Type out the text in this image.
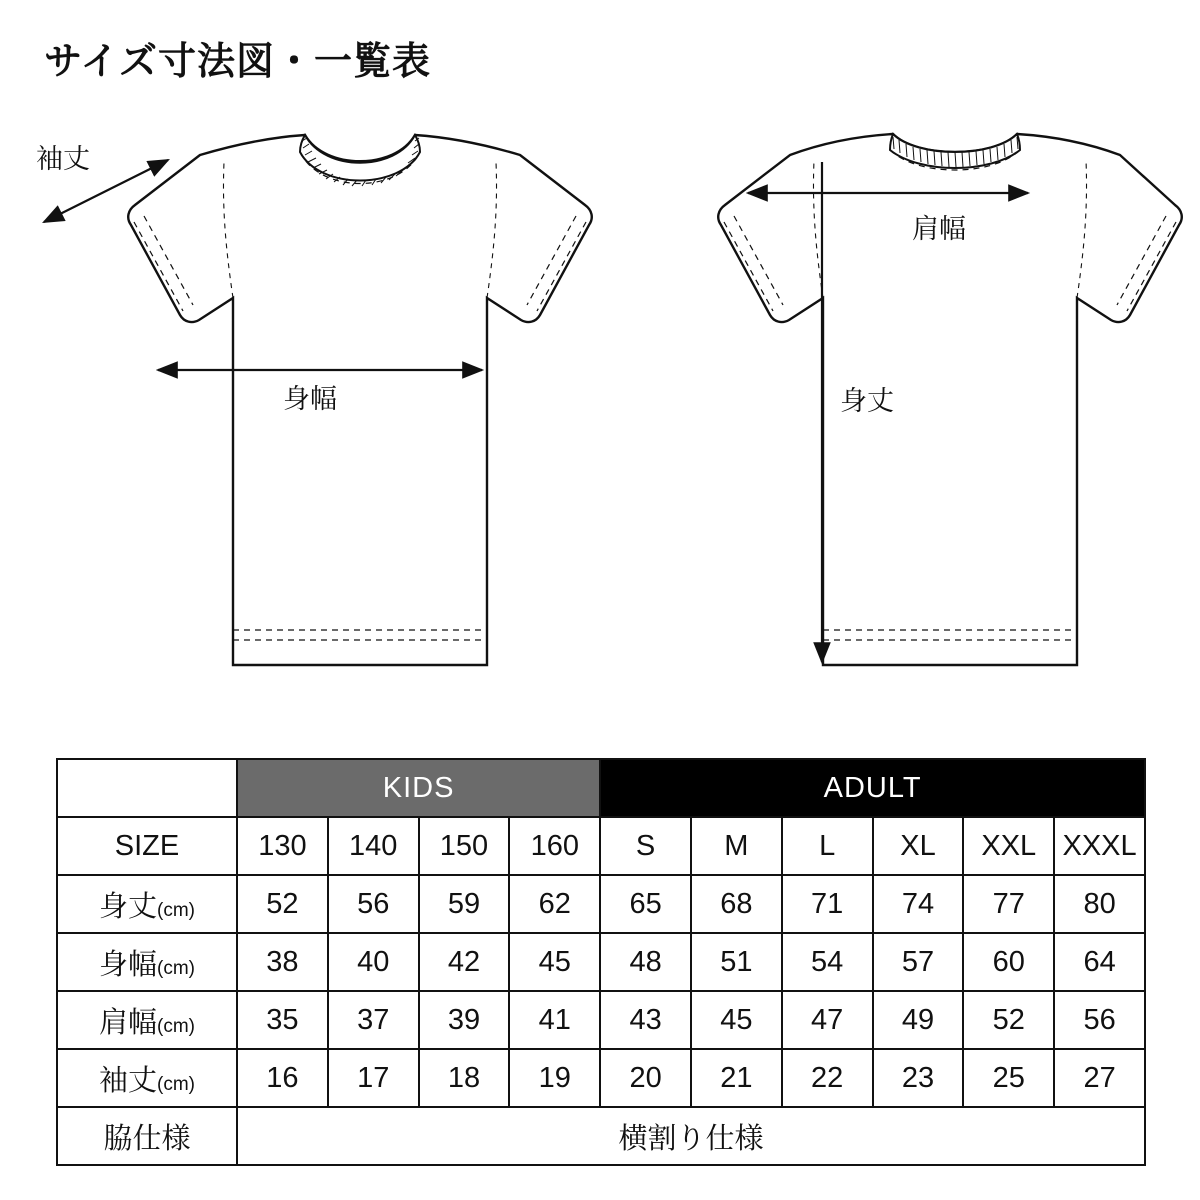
サイズ寸法図・一覧表
袖丈
身幅
肩幅
身丈
	KIDS				ADULT					
SIZE	130	140	150	160	S	M	L	XL	XXL	XXXL
身丈(cm)	52	56	59	62	65	68	71	74	77	80
身幅(cm)	38	40	42	45	48	51	54	57	60	64
肩幅(cm)	35	37	39	41	43	45	47	49	52	56
袖丈(cm)	16	17	18	19	20	21	22	23	25	27
脇仕様	横割り仕様									
